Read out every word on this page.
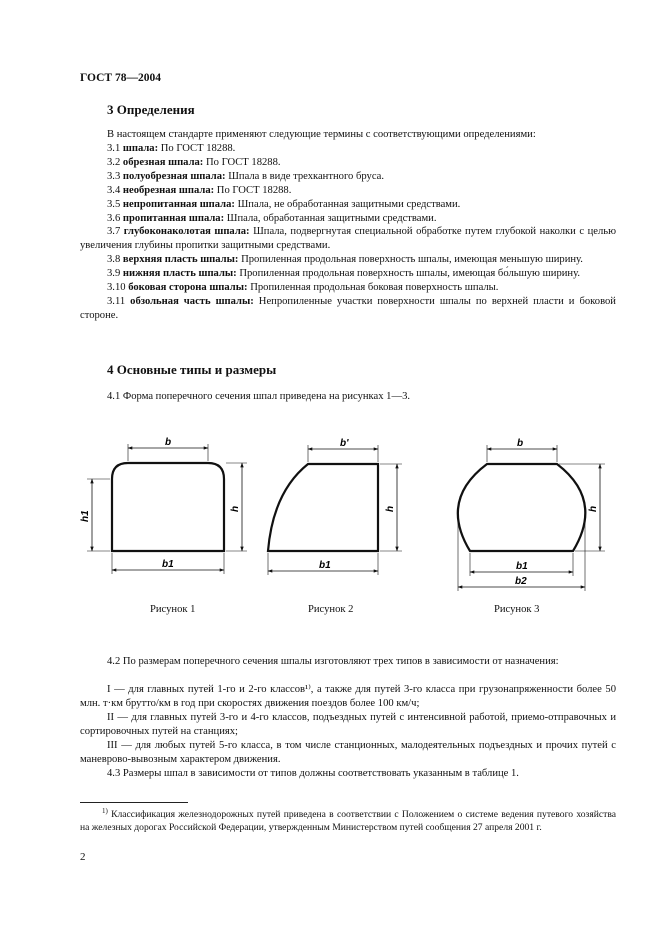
ГОСТ 78—2004
3 Определения
В настоящем стандарте применяют следующие термины с соответствующими определениями:
3.1 шпала: По ГОСТ 18288.
3.2 обрезная шпала: По ГОСТ 18288.
3.3 полуобрезная шпала: Шпала в виде трехкантного бруса.
3.4 необрезная шпала: По ГОСТ 18288.
3.5 непропитанная шпала: Шпала, не обработанная защитными средствами.
3.6 пропитанная шпала: Шпала, обработанная защитными средствами.
3.7 глубоконаколотая шпала: Шпала, подвергнутая специальной обработке путем глубокой наколки с целью увеличения глубины пропитки защитными средствами.
3.8 верхняя пласть шпалы: Пропиленная продольная поверхность шпалы, имеющая меньшую ширину.
3.9 нижняя пласть шпалы: Пропиленная продольная поверхность шпалы, имеющая бо́льшую ширину.
3.10 боковая сторона шпалы: Пропиленная продольная боковая поверхность шпалы.
3.11 обзольная часть шпалы: Непропиленные участки поверхности шпалы по верхней пласти и боковой стороне.
4 Основные типы и размеры
4.1 Форма поперечного сечения шпал приведена на рисунках 1—3.
b
b1
h1
h
b'
b1
h
b
b1
b2
h
Рисунок 1	Рисунок 2	Рисунок 3
4.2 По размерам поперечного сечения шпалы изготовляют трех типов в зависимости от назначения:
I — для главных путей 1-го и 2-го классов¹⁾, а также для путей 3-го класса при грузонапряженности более 50 млн. т·км брутто/км в год при скоростях движения поездов более 100 км/ч;
II — для главных путей 3-го и 4-го классов, подъездных путей с интенсивной работой, приемо-отправочных и сортировочных путей на станциях;
III — для любых путей 5-го класса, в том числе станционных, малодеятельных подъездных и прочих путей с маневрово-вывозным характером движения.
4.3 Размеры шпал в зависимости от типов должны соответствовать указанным в таблице 1.
$^{1)}$ Классификация железнодорожных путей приведена в соответствии с Положением о системе ведения путевого хозяйства на железных дорогах Российской Федерации, утвержденным Министерством путей сообщения 27 апреля 2001 г.
2
